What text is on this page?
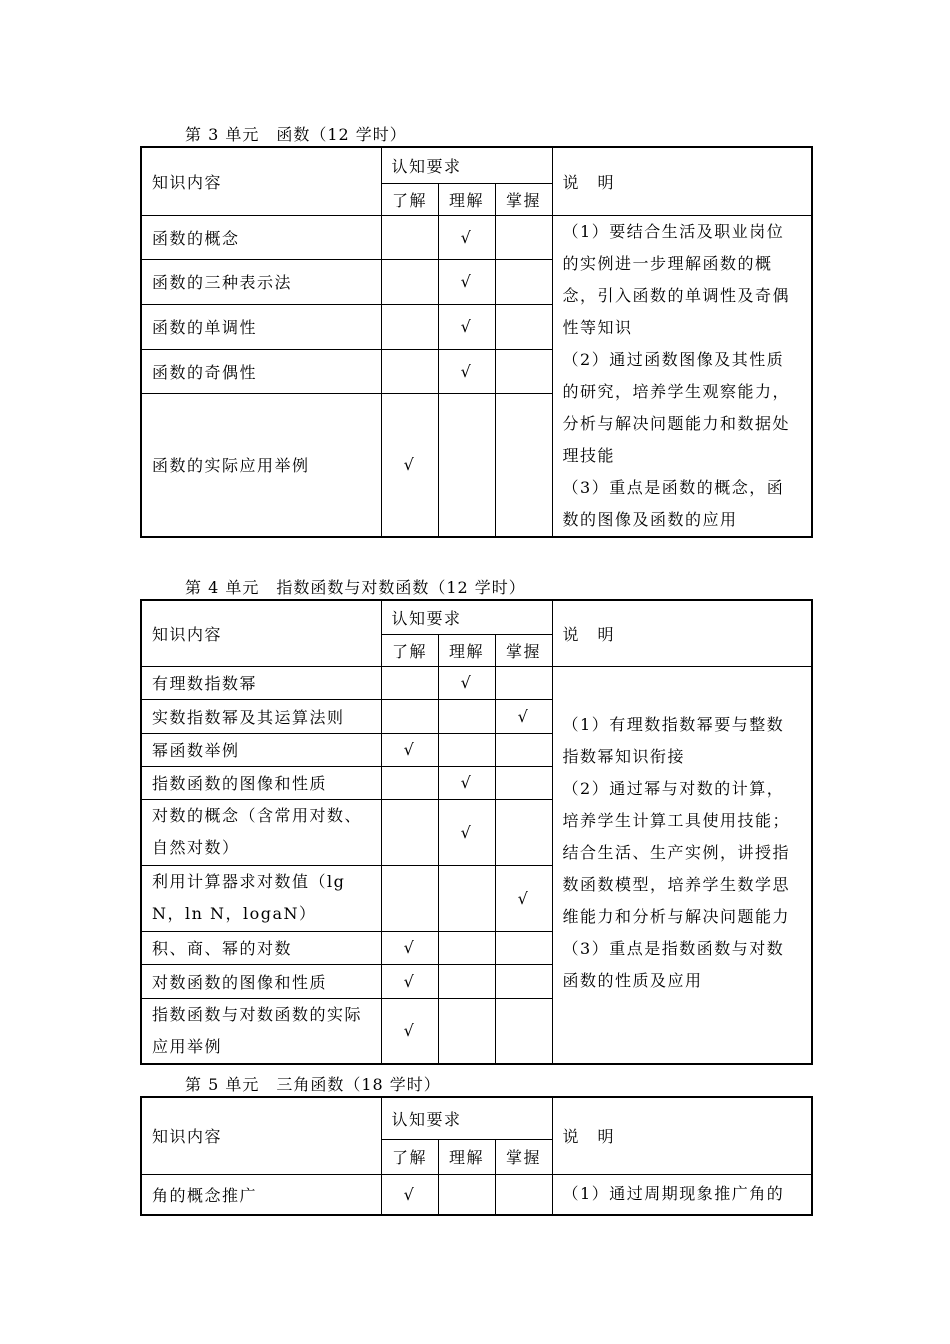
第 3 单元　函数（12 学时）
知识内容	认知要求			说　明
	了解	理解	掌握	
函数的概念		√		（1）要结合生活及职业岗位的实例进一步理解函数的概念，引入函数的单调性及奇偶性等知识

（2）通过函数图像及其性质的研究，培养学生观察能力，分析与解决问题能力和数据处理技能

（3）重点是函数的概念，函数的图像及函数的应用

函数的三种表示法		√		
函数的单调性		√		
函数的奇偶性		√		
函数的实际应用举例	√			
第 4 单元　指数函数与对数函数（12 学时）
知识内容	认知要求			说　明
	了解	理解	掌握	
有理数指数幂		√		（1）有理数指数幂要与整数指数幂知识衔接

（2）通过幂与对数的计算，培养学生计算工具使用技能；结合生活、生产实例，讲授指数函数模型，培养学生数学思维能力和分析与解决问题能力

（3）重点是指数函数与对数函数的性质及应用

实数指数幂及其运算法则			√	
幂函数举例	√			
指数函数的图像和性质		√		
对数的概念（含常用对数、自然对数）		√		
利用计算器求对数值（lg N，ln N，logaN）			√	
积、商、幂的对数	√			
对数函数的图像和性质	√			
指数函数与对数函数的实际应用举例	√			
第 5 单元　三角函数（18 学时）
知识内容	认知要求			说　明
	了解	理解	掌握	
角的概念推广	√			（1）通过周期现象推广角的
